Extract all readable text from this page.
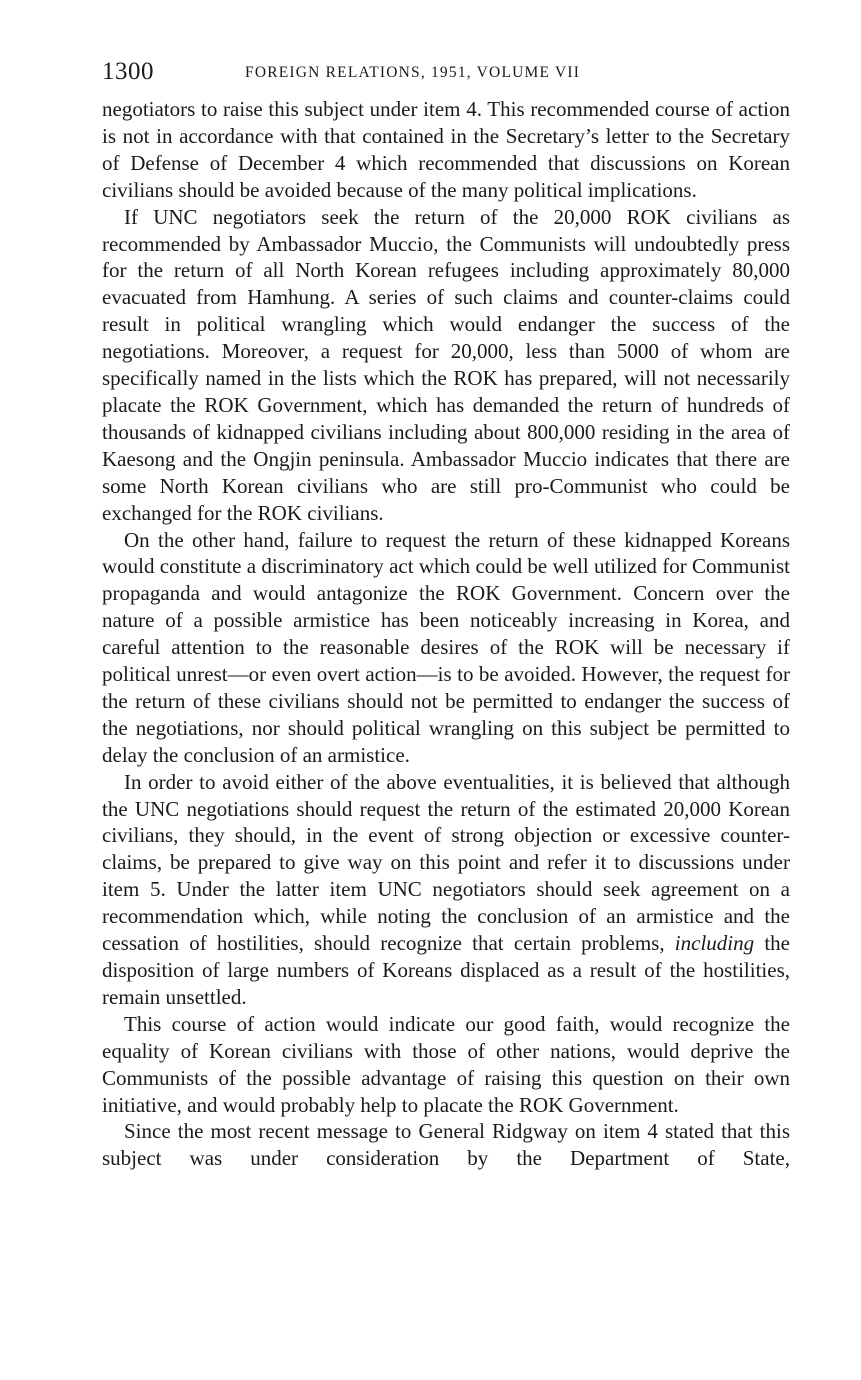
1300	FOREIGN RELATIONS, 1951, VOLUME VII

negotiators to raise this subject under item 4. This recommended course of action is not in accordance with that contained in the Secretary’s letter to the Secretary of Defense of December 4 which recommended that discussions on Korean civilians should be avoided because of the many political implications.

If UNC negotiators seek the return of the 20,000 ROK civilians as recommended by Ambassador Muccio, the Communists will undoubtedly press for the return of all North Korean refugees including approximately 80,000 evacuated from Hamhung. A series of such claims and counter-claims could result in political wrangling which would endanger the success of the negotiations. Moreover, a request for 20,000, less than 5000 of whom are specifically named in the lists which the ROK has prepared, will not necessarily placate the ROK Government, which has demanded the return of hundreds of thousands of kidnapped civilians including about 800,000 residing in the area of Kaesong and the Ongjin peninsula. Ambassador Muccio indicates that there are some North Korean civilians who are still pro-Communist who could be exchanged for the ROK civilians.

On the other hand, failure to request the return of these kidnapped Koreans would constitute a discriminatory act which could be well utilized for Communist propaganda and would antagonize the ROK Government. Concern over the nature of a possible armistice has been noticeably increasing in Korea, and careful attention to the reasonable desires of the ROK will be necessary if political unrest—or even overt action—is to be avoided. However, the request for the return of these civilians should not be permitted to endanger the success of the negotiations, nor should political wrangling on this subject be permitted to delay the conclusion of an armistice.

In order to avoid either of the above eventualities, it is believed that although the UNC negotiations should request the return of the estimated 20,000 Korean civilians, they should, in the event of strong objection or excessive counter-claims, be prepared to give way on this point and refer it to discussions under item 5. Under the latter item UNC negotiators should seek agreement on a recommendation which, while noting the conclusion of an armistice and the cessation of hostilities, should recognize that certain problems, including the disposition of large numbers of Koreans displaced as a result of the hostilities, remain unsettled.

This course of action would indicate our good faith, would recognize the equality of Korean civilians with those of other nations, would deprive the Communists of the possible advantage of raising this question on their own initiative, and would probably help to placate the ROK Government.

Since the most recent message to General Ridgway on item 4 stated that this subject was under consideration by the Department of State,
